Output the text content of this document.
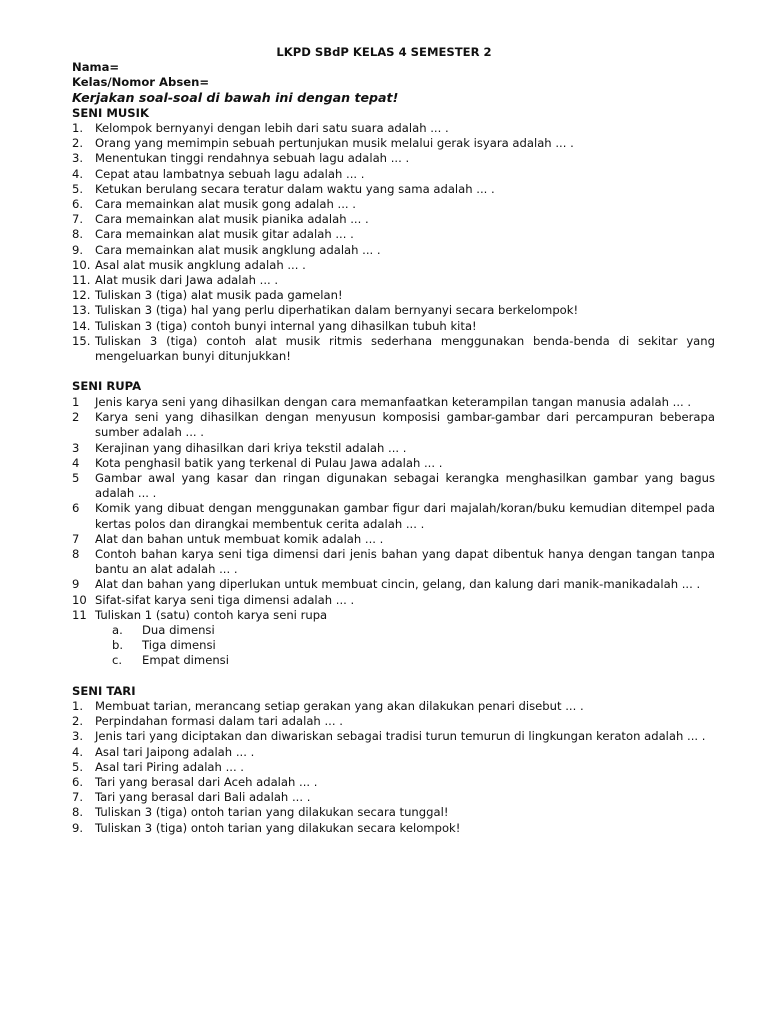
LKPD SBdP KELAS 4 SEMESTER 2
Nama=
Kelas/Nomor Absen=
Kerjakan soal-soal di bawah ini dengan tepat!
SENI MUSIK
1. Kelompok bernyanyi dengan lebih dari satu suara adalah ... .
2. Orang yang memimpin sebuah pertunjukan musik melalui gerak isyara adalah ... .
3. Menentukan tinggi rendahnya sebuah lagu adalah ... .
4. Cepat atau lambatnya sebuah lagu adalah ... .
5. Ketukan berulang secara teratur dalam waktu yang sama adalah ... .
6. Cara memainkan alat musik gong adalah ... .
7. Cara memainkan alat musik pianika adalah ... .
8. Cara memainkan alat musik gitar adalah ... .
9. Cara memainkan alat musik angklung adalah ... .
10. Asal alat musik angklung adalah ... .
11. Alat musik dari Jawa adalah ... .
12. Tuliskan 3 (tiga) alat musik pada gamelan!
13. Tuliskan 3 (tiga) hal yang perlu diperhatikan dalam bernyanyi secara berkelompok!
14. Tuliskan 3 (tiga) contoh bunyi internal yang dihasilkan tubuh kita!
15. Tuliskan 3 (tiga) contoh alat musik ritmis sederhana menggunakan benda-benda di sekitar yang mengeluarkan bunyi ditunjukkan!
SENI RUPA
1 Jenis karya seni yang dihasilkan dengan cara memanfaatkan keterampilan tangan manusia adalah ... .
2 Karya seni yang dihasilkan dengan menyusun komposisi gambar-gambar dari percampuran beberapa sumber adalah ... .
3 Kerajinan yang dihasilkan dari kriya tekstil adalah ... .
4 Kota penghasil batik yang terkenal di Pulau Jawa adalah ... .
5 Gambar awal yang kasar dan ringan digunakan sebagai kerangka menghasilkan gambar yang bagus adalah ... .
6 Komik yang dibuat dengan menggunakan gambar figur dari majalah/koran/buku kemudian ditempel pada kertas polos dan dirangkai membentuk cerita adalah ... .
7 Alat dan bahan untuk membuat komik adalah ... .
8 Contoh bahan karya seni tiga dimensi dari jenis bahan yang dapat dibentuk hanya dengan tangan tanpa bantu an alat adalah ... .
9 Alat dan bahan yang diperlukan untuk membuat cincin, gelang, dan kalung dari manik-manikadalah ... .
10 Sifat-sifat karya seni tiga dimensi adalah ... .
11 Tuliskan 1 (satu) contoh karya seni rupa
a. Dua dimensi
b. Tiga dimensi
c. Empat dimensi
SENI TARI
1. Membuat tarian, merancang setiap gerakan yang akan dilakukan penari disebut ... .
2. Perpindahan formasi dalam tari adalah ... .
3. Jenis tari yang diciptakan dan diwariskan sebagai tradisi turun temurun di lingkungan keraton adalah ... .
4. Asal tari Jaipong adalah ... .
5. Asal tari Piring adalah ... .
6. Tari yang berasal dari Aceh adalah ... .
7. Tari yang berasal dari Bali adalah ... .
8. Tuliskan 3 (tiga) ontoh tarian yang dilakukan secara tunggal!
9. Tuliskan 3 (tiga) ontoh tarian yang dilakukan secara kelompok!
